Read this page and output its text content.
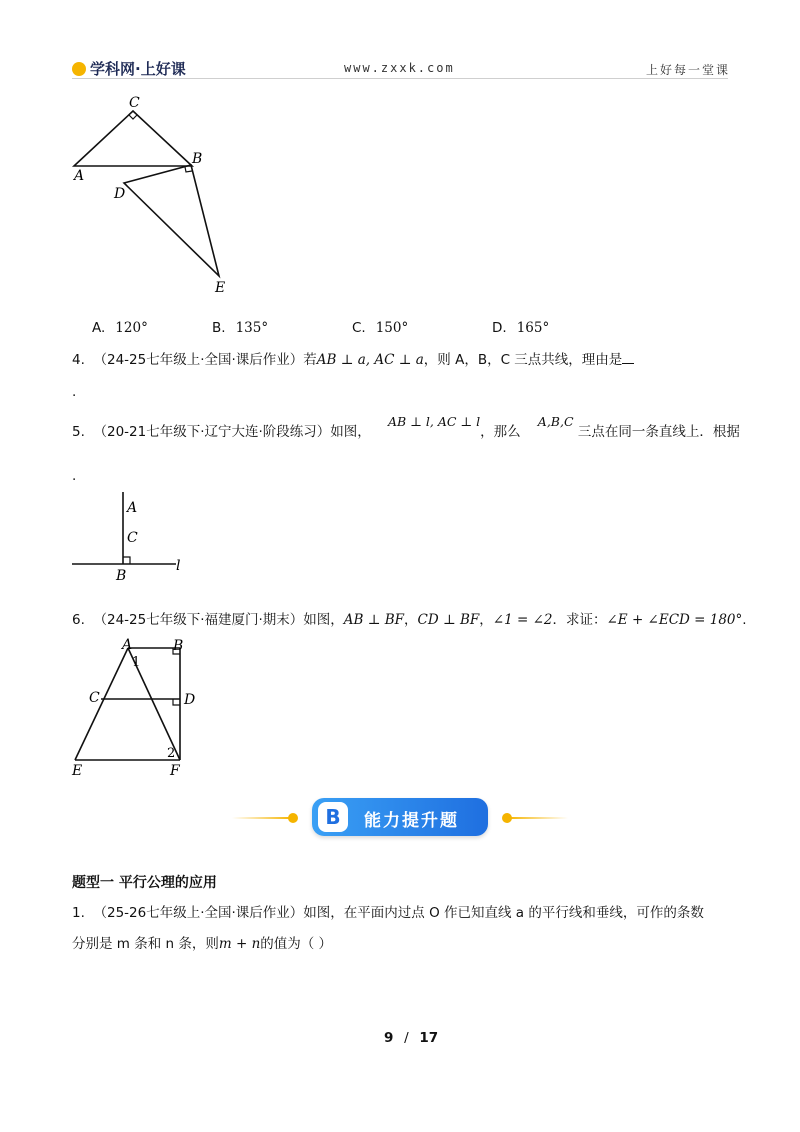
学科网·上好课	www.zxxk.com	上好每一堂课
C
A
B
D
E
A. 120°	B. 135°	C. 150°	D. 165°
4. （24-25七年级上·全国·课后作业）若AB ⊥ a, AC ⊥ a，则 A，B，C 三点共线，理由是
.
5. （20-21七年级下·辽宁大连·阶段练习）如图，    AB ⊥ l, AC ⊥ l，那么    A,B,C 三点在同一条直线上．根据
.
A
C
B
l
6. （24-25七年级下·福建厦门·期末）如图，AB ⊥ BF，CD ⊥ BF，∠1 = ∠2．求证：∠E + ∠ECD = 180°.
A	B
C	D
E	F
1
2
B	能力提升题
题型一 平行公理的应用
1. （25-26七年级上·全国·课后作业）如图，在平面内过点 O 作已知直线 a 的平行线和垂线，可作的条数
分别是 m 条和 n 条，则m + n的值为（ ）
9 / 17
